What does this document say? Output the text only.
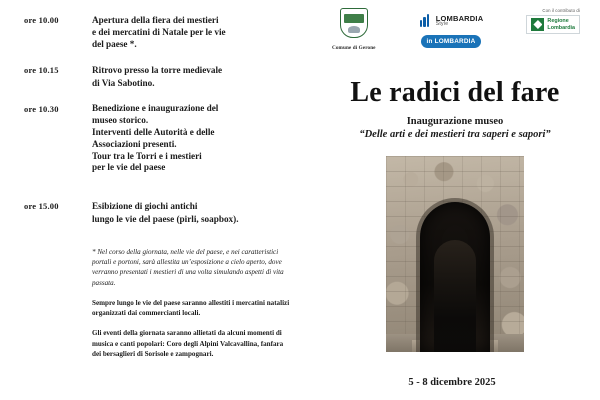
ore 10.00	Apertura della fiera dei mestieri
e dei mercatini di Natale per le vie
del paese *.
ore 10.15	Ritrovo presso la torre medievale
di Via Sabotino.
ore 10.30	Benedizione e inaugurazione del
museo storico.
Interventi delle Autorità e delle
Associazioni presenti.
Tour tra le Torri e i mestieri
per le vie del paese
ore 15.00	Esibizione di giochi antichi
lungo le vie del paese (pirli, soapbox).
* Nel corso della giornata, nelle vie del paese, e nei caratteristici portali e portoni, sarà allestita un’esposizione a cielo aperto, dove verranno presentati i mestieri di una volta simulando aspetti di vita passata.
Sempre lungo le vie del paese saranno allestiti i mercatini natalizi organizzati dai commercianti locali.
Gli eventi della giornata saranno allietati da alcuni momenti di musica e canti popolari: Coro degli Alpini Valcavallina, fanfara dei bersaglieri di Sorisole e zampognari.
Comune di Gerone
LOMBARDIA
Style
in LOMBARDIA
Con il contributo di
Regione
Lombardia
Le radici del fare
Inaugurazione museo
“Delle arti e dei mestieri tra saperi e sapori”
5 - 8 dicembre 2025
